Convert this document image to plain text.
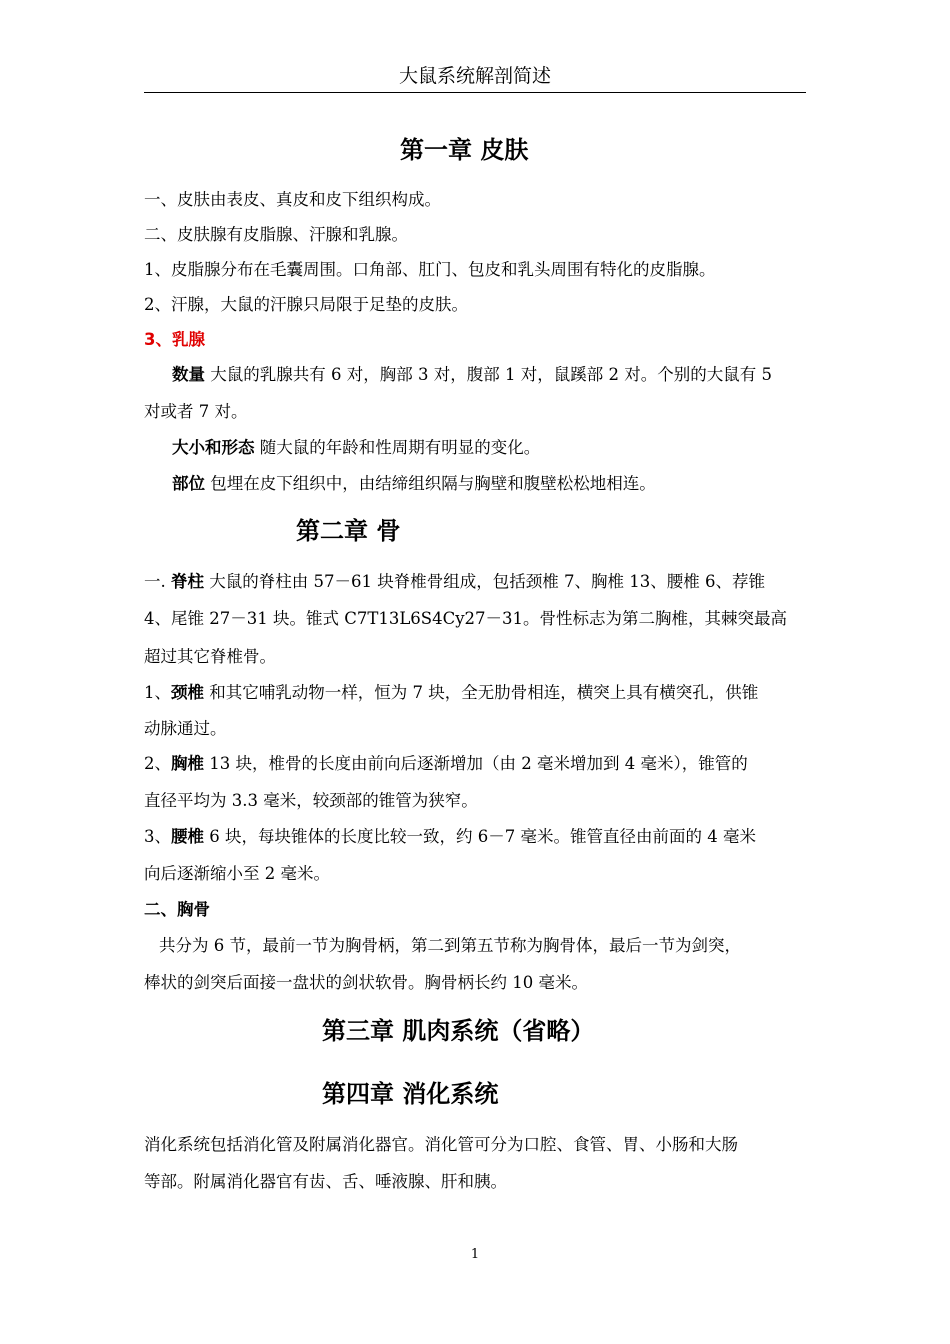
大鼠系统解剖简述
第一章 皮肤
一、皮肤由表皮、真皮和皮下组织构成。
二、皮肤腺有皮脂腺、汗腺和乳腺。
1、皮脂腺分布在毛囊周围。口角部、肛门、包皮和乳头周围有特化的皮脂腺。
2、汗腺，大鼠的汗腺只局限于足垫的皮肤。
3、乳腺
数量 大鼠的乳腺共有 6 对，胸部 3 对，腹部 1 对，鼠蹊部 2 对。个别的大鼠有 5
对或者 7 对。
大小和形态 随大鼠的年龄和性周期有明显的变化。
部位 包埋在皮下组织中，由结缔组织隔与胸壁和腹壁松松地相连。
第二章 骨
一. 脊柱 大鼠的脊柱由 57－61 块脊椎骨组成，包括颈椎 7、胸椎 13、腰椎 6、荐锥
4、尾锥 27－31 块。锥式 C7T13L6S4Cy27－31。骨性标志为第二胸椎，其棘突最高
超过其它脊椎骨。
1、颈椎 和其它哺乳动物一样，恒为 7 块，全无肋骨相连，横突上具有横突孔，供锥
动脉通过。
2、胸椎 13 块，椎骨的长度由前向后逐渐增加（由 2 毫米增加到 4 毫米），锥管的
直径平均为 3.3 毫米，较颈部的锥管为狭窄。
3、腰椎 6 块，每块锥体的长度比较一致，约 6－7 毫米。锥管直径由前面的 4 毫米
向后逐渐缩小至 2 毫米。
二、胸骨
共分为 6 节，最前一节为胸骨柄，第二到第五节称为胸骨体，最后一节为剑突，
棒状的剑突后面接一盘状的剑状软骨。胸骨柄长约 10 毫米。
第三章 肌肉系统（省略）
第四章 消化系统
消化系统包括消化管及附属消化器官。消化管可分为口腔、食管、胃、小肠和大肠
等部。附属消化器官有齿、舌、唾液腺、肝和胰。
1
